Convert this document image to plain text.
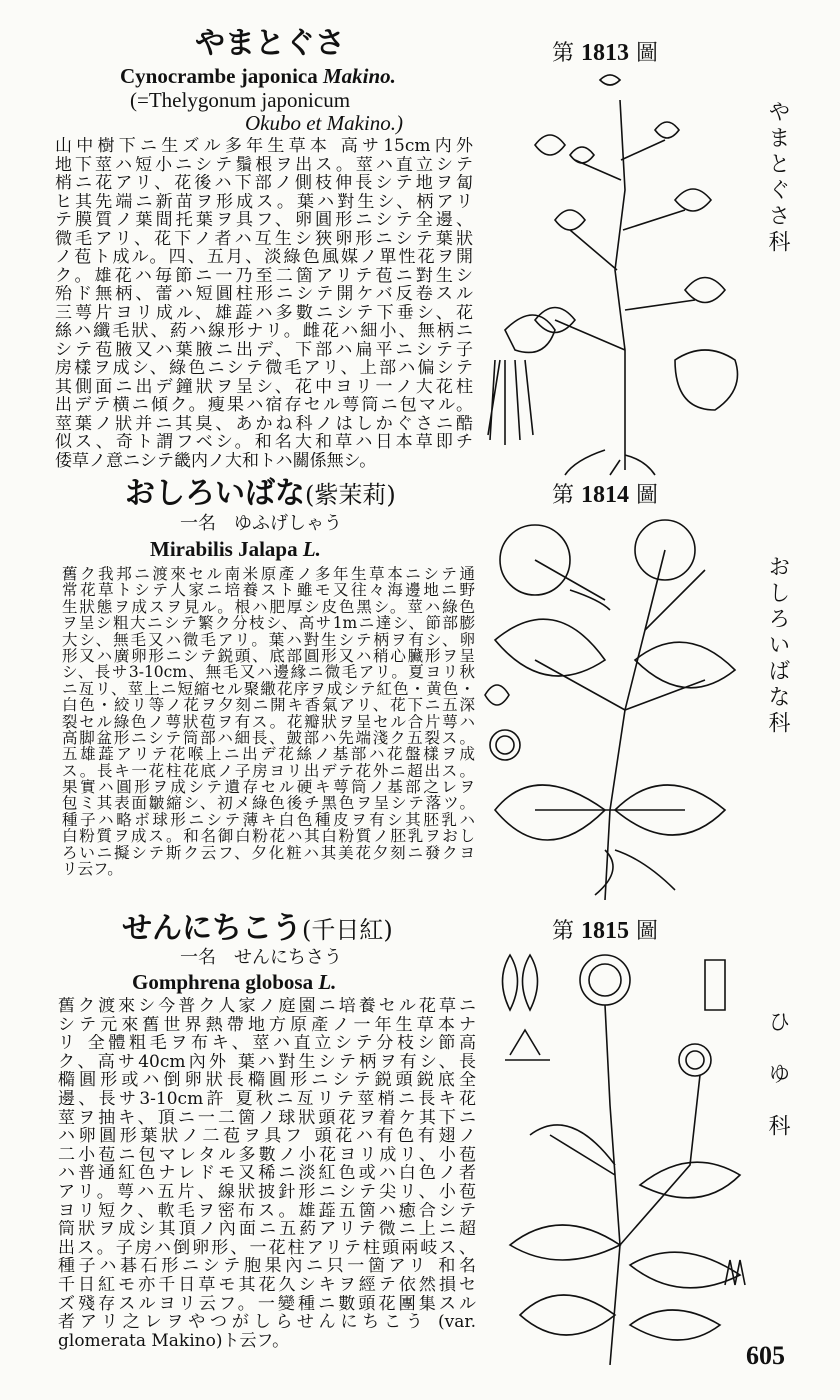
やまとぐさ
Cynocrambe japonica Makino.
(=Thelygonum japonicum
Okubo et Makino.)
山中樹下ニ生ズル多年生草本 高サ15cm内外
地下莖ハ短小ニシテ鬚根ヲ出ス。莖ハ直立シテ
梢ニ花アリ、花後ハ下部ノ側枝伸長シテ地ヲ匐
ヒ其先端ニ新苗ヲ形成ス。葉ハ對生シ、柄アリ
テ膜質ノ葉間托葉ヲ具フ、卵圓形ニシテ全邊、
微毛アリ、花下ノ者ハ互生シ狹卵形ニシテ葉狀
ノ苞ト成ル。四、五月、淡綠色風媒ノ單性花ヲ開
ク。雄花ハ毎節ニ一乃至二箇アリテ苞ニ對生シ
殆ド無柄、蕾ハ短圓柱形ニシテ開ケバ反卷スル
三萼片ヨリ成ル、雄蕋ハ多數ニシテ下垂シ、花
絲ハ纖毛狀、葯ハ線形ナリ。雌花ハ細小、無柄ニ
シテ苞腋又ハ葉腋ニ出デ、下部ハ扁平ニシテ子
房樣ヲ成シ、綠色ニシテ微毛アリ、上部ハ偏シテ
其側面ニ出デ鐘狀ヲ呈シ、花中ヨリ一ノ大花柱
出デテ横ニ傾ク。瘦果ハ宿存セル萼筒ニ包マル。
莖葉ノ狀并ニ其臭、あかね科ノはしかぐさニ酷
似ス、奇ト謂フベシ。和名大和草ハ日本草即チ
倭草ノ意ニシテ畿内ノ大和トハ關係無シ。
第 1813 圖
やまとぐさ科
おしろいばな(紫茉莉)
一名　ゆふげしゃう
Mirabilis Jalapa L.
舊ク我邦ニ渡來セル南米原產ノ多年生草本ニシテ通
常花草トシテ人家ニ培養スト雖モ又往々海邊地ニ野
生狀態ヲ成スヲ見ル。根ハ肥厚シ皮色黑シ。莖ハ綠色
ヲ呈シ粗大ニシテ繁ク分枝シ、高サ1mニ達シ、節部膨
大シ、無毛又ハ微毛アリ。葉ハ對生シテ柄ヲ有シ、卵
形又ハ廣卵形ニシテ鋭頭、底部圓形又ハ稍心臟形ヲ呈
シ、長サ3-10cm、無毛又ハ邊緣ニ微毛アリ。夏ヨリ秋
ニ亙リ、莖上ニ短縮セル聚繖花序ヲ成シテ紅色・黄色・
白色・絞リ等ノ花ヲ夕刻ニ開キ香氣アリ、花下ニ五深
裂セル綠色ノ萼狀苞ヲ有ス。花瓣狀ヲ呈セル合片萼ハ
高脚盆形ニシテ筒部ハ細長、皷部ハ先端淺ク五裂ス。
五雄蕋アリテ花喉上ニ出デ花絲ノ基部ハ花盤樣ヲ成
ス。長キ一花柱花底ノ子房ヨリ出デテ花外ニ超出ス。
果實ハ圓形ヲ成シテ遺存セル硬キ萼筒ノ基部之レヲ
包ミ其表面皺縮シ、初メ綠色後チ黑色ヲ呈シテ落ツ。
種子ハ略ボ球形ニシテ薄キ白色種皮ヲ有シ其胚乳ハ
白粉質ヲ成ス。和名御白粉花ハ其白粉質ノ胚乳ヲおし
ろいニ擬シテ斯ク云フ、夕化粧ハ其美花夕刻ニ發クヨ
リ云フ。
第 1814 圖
おしろいばな科
せんにちこう(千日紅)
一名　せんにちさう
Gomphrena globosa L.
舊ク渡來シ今普ク人家ノ庭園ニ培養セル花草ニ
シテ元來舊世界熱帶地方原產ノ一年生草本ナ
リ 全體粗毛ヲ布キ、莖ハ直立シテ分枝シ節高
ク、高サ40cm內外 葉ハ對生シテ柄ヲ有シ、長
橢圓形或ハ倒卵狀長橢圓形ニシテ鋭頭鋭底全
邊、長サ3-10cm許 夏秋ニ亙リテ莖梢ニ長キ花
莖ヲ抽キ、頂ニ一二箇ノ球狀頭花ヲ着ケ其下ニ
ハ卵圓形葉狀ノ二苞ヲ具フ 頭花ハ有色有翅ノ
二小苞ニ包マレタル多數ノ小花ヨリ成リ、小苞
ハ普通紅色ナレドモ又稀ニ淡紅色或ハ白色ノ者
アリ。萼ハ五片、線狀披針形ニシテ尖リ、小苞
ヨリ短ク、軟毛ヲ密布ス。雄蕋五箇ハ癒合シテ
筒狀ヲ成シ其頂ノ內面ニ五葯アリテ微ニ上ニ超
出ス。子房ハ倒卵形、一花柱アリテ柱頭兩岐ス、
種子ハ碁石形ニシテ胞果內ニ只一箇アリ 和名
千日紅モ亦千日草モ其花久シキヲ經テ依然損セ
ズ殘存スルヨリ云フ。一變種ニ數頭花團集スル
者アリ之レヲやつがしらせんにちこう (var.
glomerata Makino)ト云フ。
第 1815 圖
ひゆ科
605
